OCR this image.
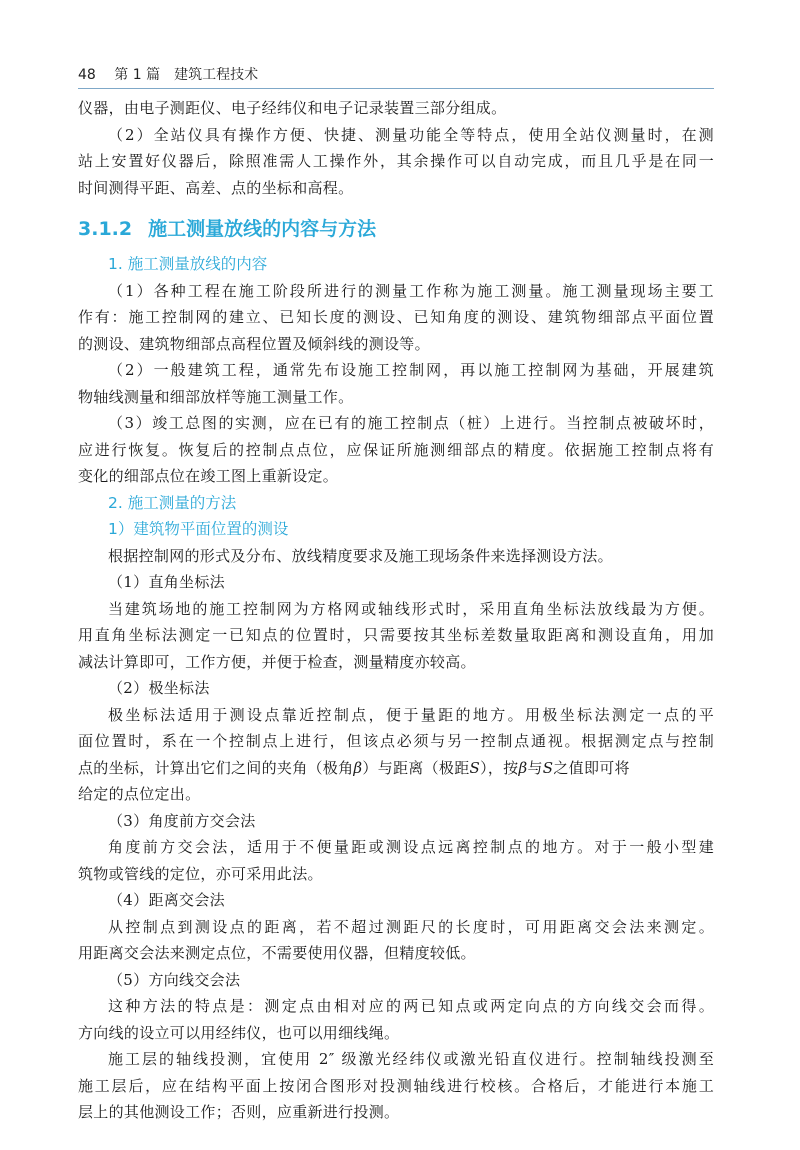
48 第 1 篇　建筑工程技术
仪器，由电子测距仪、电子经纬仪和电子记录装置三部分组成。
（2）全站仪具有操作方便、快捷、测量功能全等特点，使用全站仪测量时，在测
站上安置好仪器后，除照准需人工操作外，其余操作可以自动完成，而且几乎是在同一
时间测得平距、高差、点的坐标和高程。
3.1.2 施工测量放线的内容与方法
1. 施工测量放线的内容
（1）各种工程在施工阶段所进行的测量工作称为施工测量。施工测量现场主要工
作有：施工控制网的建立、已知长度的测设、已知角度的测设、建筑物细部点平面位置
的测设、建筑物细部点高程位置及倾斜线的测设等。
（2）一般建筑工程，通常先布设施工控制网，再以施工控制网为基础，开展建筑
物轴线测量和细部放样等施工测量工作。
（3）竣工总图的实测，应在已有的施工控制点（桩）上进行。当控制点被破坏时，
应进行恢复。恢复后的控制点点位，应保证所施测细部点的精度。依据施工控制点将有
变化的细部点位在竣工图上重新设定。
2. 施工测量的方法
1）建筑物平面位置的测设
根据控制网的形式及分布、放线精度要求及施工现场条件来选择测设方法。
（1）直角坐标法
当建筑场地的施工控制网为方格网或轴线形式时，采用直角坐标法放线最为方便。
用直角坐标法测定一已知点的位置时，只需要按其坐标差数量取距离和测设直角，用加
减法计算即可，工作方便，并便于检查，测量精度亦较高。
（2）极坐标法
极坐标法适用于测设点靠近控制点，便于量距的地方。用极坐标法测定一点的平
面位置时，系在一个控制点上进行，但该点必须与另一控制点通视。根据测定点与控制
点的坐标，计算出它们之间的夹角（极角β）与距离（极距S），按β与S之值即可将
给定的点位定出。
（3）角度前方交会法
角度前方交会法，适用于不便量距或测设点远离控制点的地方。对于一般小型建
筑物或管线的定位，亦可采用此法。
（4）距离交会法
从控制点到测设点的距离，若不超过测距尺的长度时，可用距离交会法来测定。
用距离交会法来测定点位，不需要使用仪器，但精度较低。
（5）方向线交会法
这种方法的特点是：测定点由相对应的两已知点或两定向点的方向线交会而得。
方向线的设立可以用经纬仪，也可以用细线绳。
施工层的轴线投测，宜使用 2″ 级激光经纬仪或激光铅直仪进行。控制轴线投测至
施工层后，应在结构平面上按闭合图形对投测轴线进行校核。合格后，才能进行本施工
层上的其他测设工作；否则，应重新进行投测。
